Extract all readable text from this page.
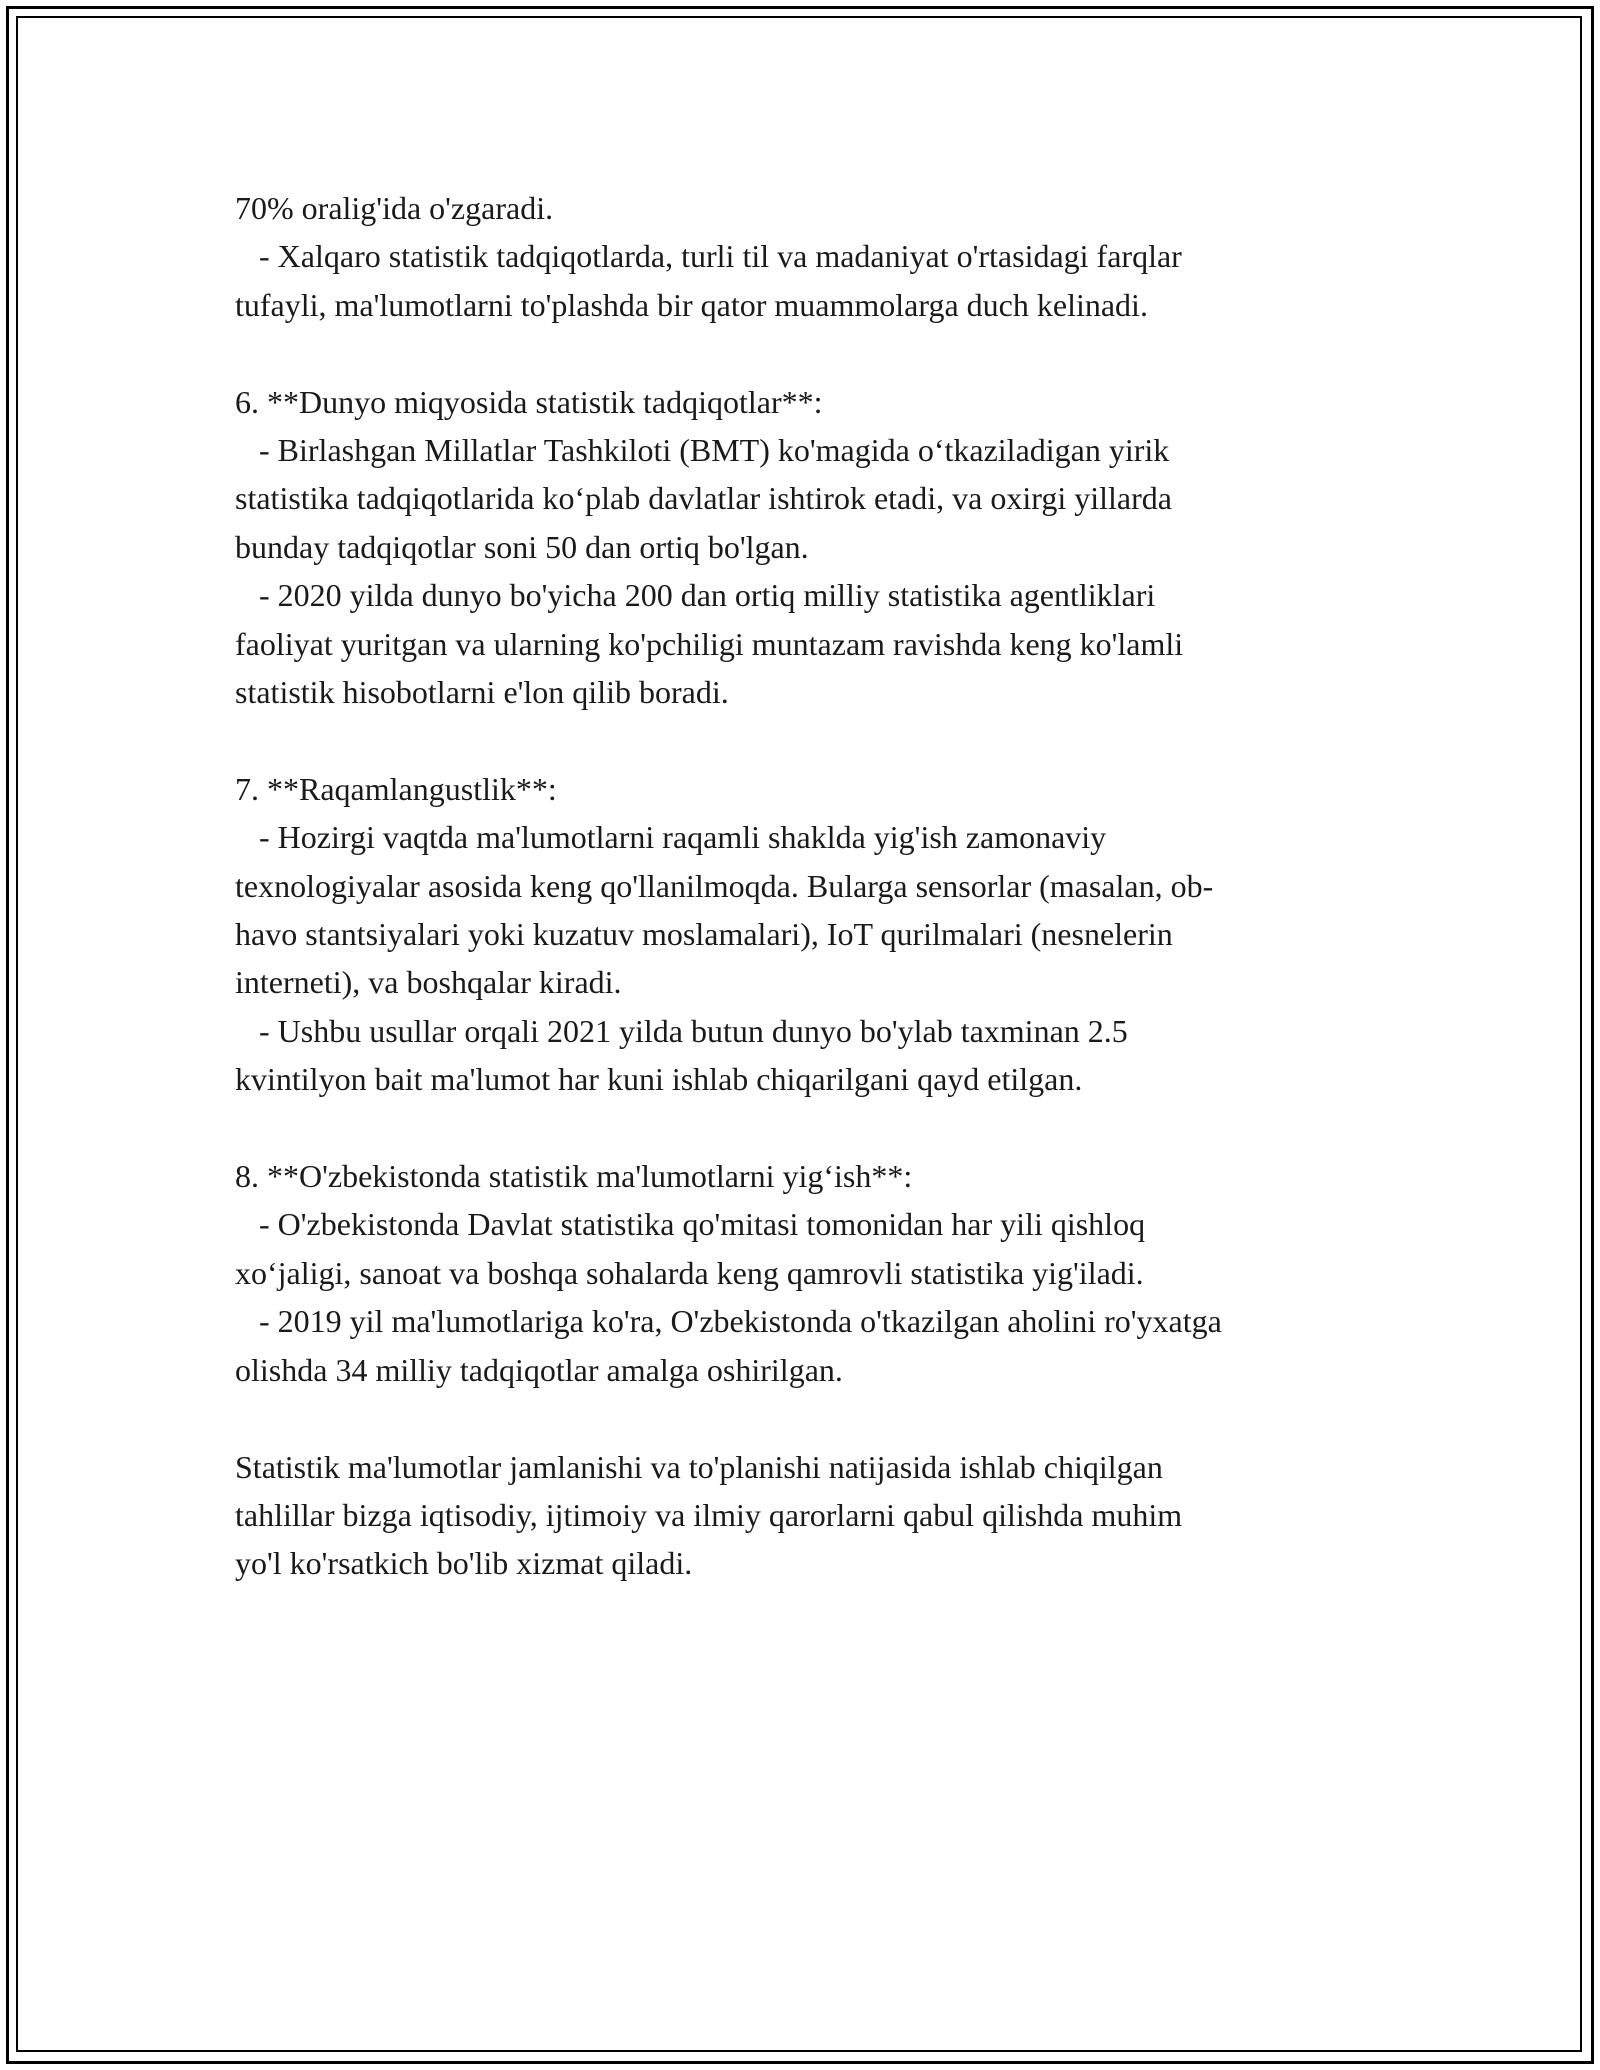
70% oralig'ida o'zgaradi.
- Xalqaro statistik tadqiqotlarda, turli til va madaniyat o'rtasidagi farqlar
tufayli, ma'lumotlarni to'plashda bir qator muammolarga duch kelinadi.
6. **Dunyo miqyosida statistik tadqiqotlar**:
- Birlashgan Millatlar Tashkiloti (BMT) ko'magida o‘tkaziladigan yirik
statistika tadqiqotlarida ko‘plab davlatlar ishtirok etadi, va oxirgi yillarda
bunday tadqiqotlar soni 50 dan ortiq bo'lgan.
- 2020 yilda dunyo bo'yicha 200 dan ortiq milliy statistika agentliklari
faoliyat yuritgan va ularning ko'pchiligi muntazam ravishda keng ko'lamli
statistik hisobotlarni e'lon qilib boradi.
7. **Raqamlangustlik**:
- Hozirgi vaqtda ma'lumotlarni raqamli shaklda yig'ish zamonaviy
texnologiyalar asosida keng qo'llanilmoqda. Bularga sensorlar (masalan, ob-
havo stantsiyalari yoki kuzatuv moslamalari), IoT qurilmalari (nesnelerin
interneti), va boshqalar kiradi.
- Ushbu usullar orqali 2021 yilda butun dunyo bo'ylab taxminan 2.5
kvintilyon bait ma'lumot har kuni ishlab chiqarilgani qayd etilgan.
8. **O'zbekistonda statistik ma'lumotlarni yig‘ish**:
- O'zbekistonda Davlat statistika qo'mitasi tomonidan har yili qishloq
xo‘jaligi, sanoat va boshqa sohalarda keng qamrovli statistika yig'iladi.
- 2019 yil ma'lumotlariga ko'ra, O'zbekistonda o'tkazilgan aholini ro'yxatga
olishda 34 milliy tadqiqotlar amalga oshirilgan.
Statistik ma'lumotlar jamlanishi va to'planishi natijasida ishlab chiqilgan
tahlillar bizga iqtisodiy, ijtimoiy va ilmiy qarorlarni qabul qilishda muhim
yo'l ko'rsatkich bo'lib xizmat qiladi.
